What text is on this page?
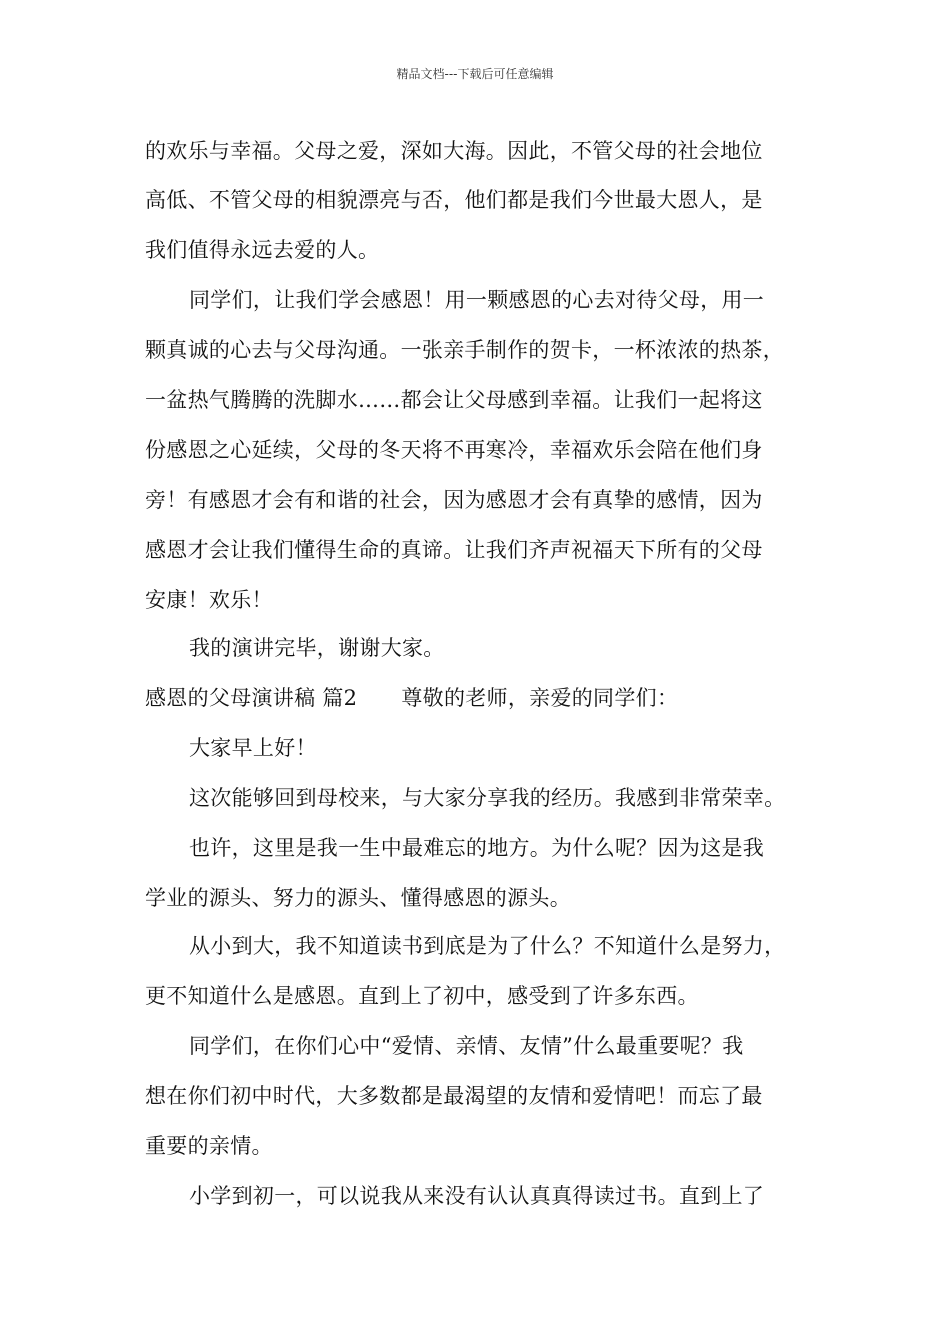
精品文档---下载后可任意编辑
的欢乐与幸福。父母之爱，深如大海。因此，不管父母的社会地位
高低、不管父母的相貌漂亮与否，他们都是我们今世最大恩人，是
我们值得永远去爱的人。
同学们，让我们学会感恩！用一颗感恩的心去对待父母，用一
颗真诚的心去与父母沟通。一张亲手制作的贺卡，一杯浓浓的热茶，
一盆热气腾腾的洗脚水……都会让父母感到幸福。让我们一起将这
份感恩之心延续，父母的冬天将不再寒冷，幸福欢乐会陪在他们身
旁！有感恩才会有和谐的社会，因为感恩才会有真挚的感情，因为
感恩才会让我们懂得生命的真谛。让我们齐声祝福天下所有的父母
安康！欢乐！
我的演讲完毕，谢谢大家。
感恩的父母演讲稿 篇2 尊敬的老师，亲爱的同学们：
大家早上好！
这次能够回到母校来，与大家分享我的经历。我感到非常荣幸。
也许，这里是我一生中最难忘的地方。为什么呢？因为这是我
学业的源头、努力的源头、懂得感恩的源头。
从小到大，我不知道读书到底是为了什么？不知道什么是努力，
更不知道什么是感恩。直到上了初中，感受到了许多东西。
同学们，在你们心中“爱情、亲情、友情”什么最重要呢？我
想在你们初中时代，大多数都是最渴望的友情和爱情吧！而忘了最
重要的亲情。
小学到初一，可以说我从来没有认认真真得读过书。直到上了
